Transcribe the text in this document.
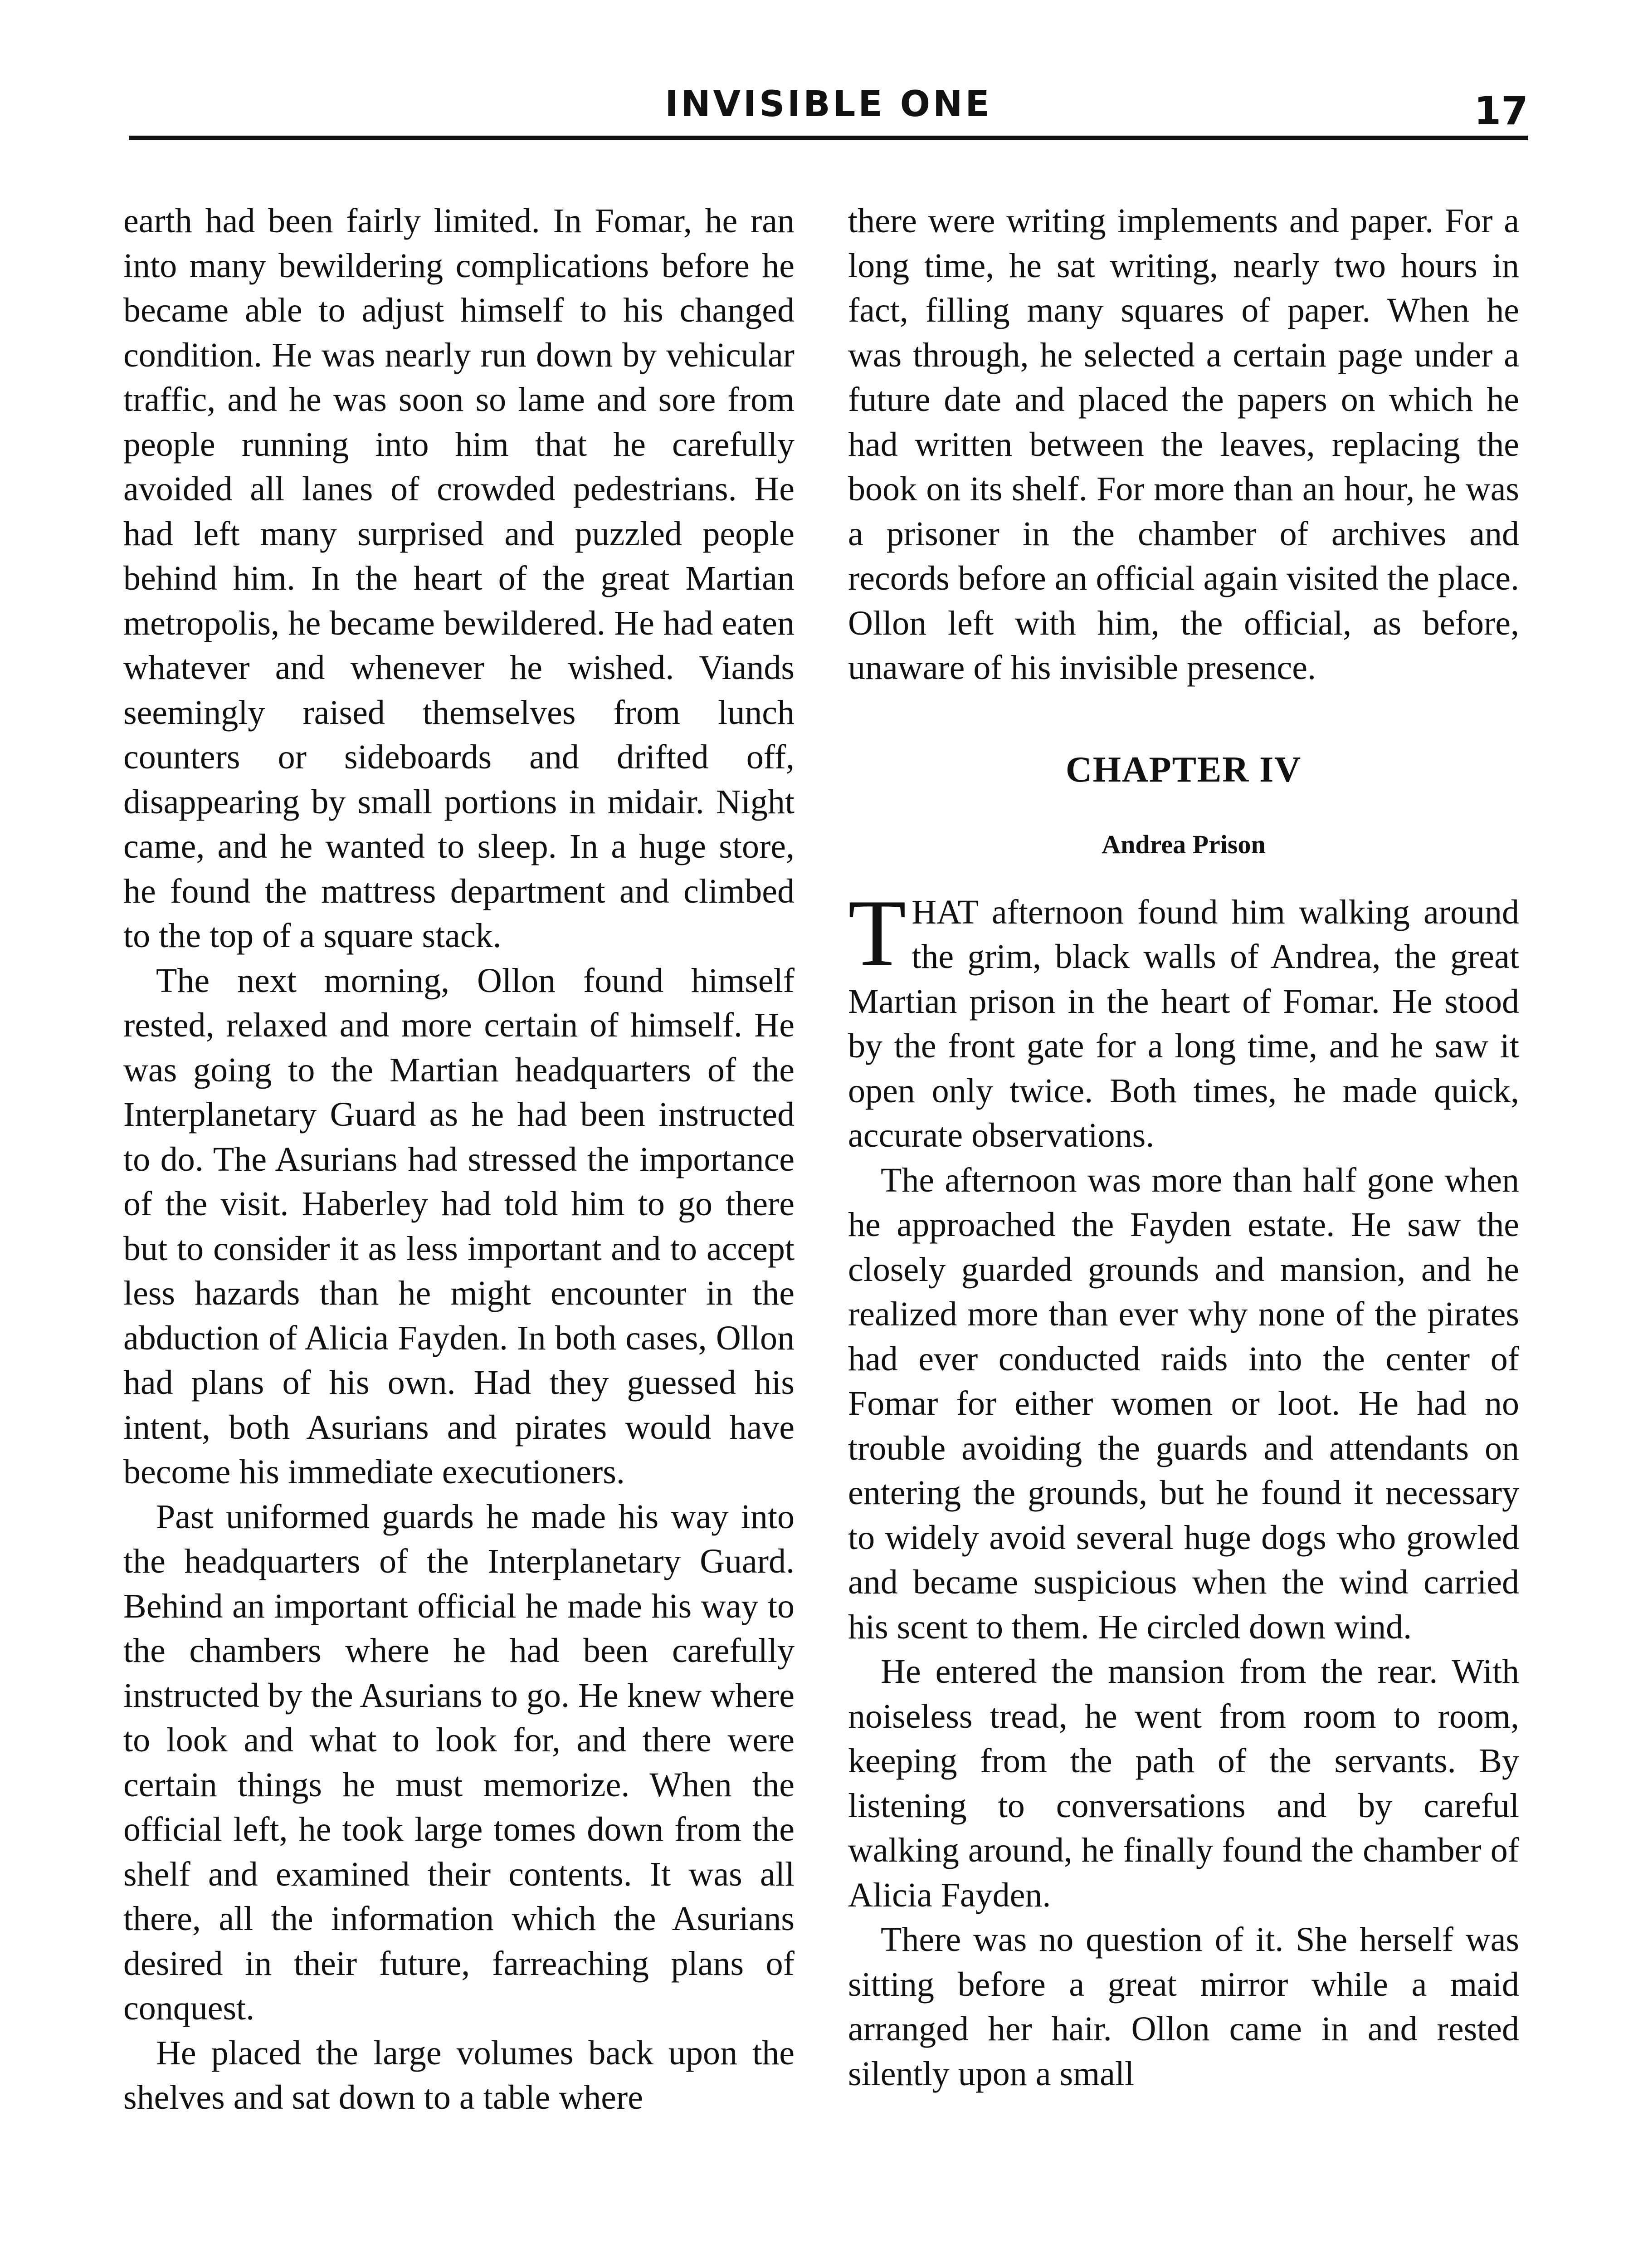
INVISIBLE ONE	17

earth had been fairly limited. In Fomar, he ran into many bewildering complications before he became able to adjust himself to his changed condition. He was nearly run down by vehicular traffic, and he was soon so lame and sore from people running into him that he carefully avoided all lanes of crowded pedestrians. He had left many surprised and puzzled people behind him. In the heart of the great Martian metropolis, he became bewildered. He had eaten whatever and whenever he wished. Viands seemingly raised themselves from lunch counters or sideboards and drifted off, disappearing by small portions in midair. Night came, and he wanted to sleep. In a huge store, he found the mattress department and climbed to the top of a square stack.

The next morning, Ollon found himself rested, relaxed and more certain of himself. He was going to the Martian headquarters of the Interplanetary Guard as he had been instructed to do. The Asurians had stressed the importance of the visit. Haberley had told him to go there but to consider it as less important and to accept less hazards than he might encounter in the abduction of Alicia Fayden. In both cases, Ollon had plans of his own. Had they guessed his intent, both Asurians and pirates would have become his immediate executioners.

Past uniformed guards he made his way into the headquarters of the Interplanetary Guard. Behind an important official he made his way to the chambers where he had been carefully instructed by the Asurians to go. He knew where to look and what to look for, and there were certain things he must memorize. When the official left, he took large tomes down from the shelf and examined their contents. It was all there, all the information which the Asurians desired in their future, farreaching plans of conquest.

He placed the large volumes back upon the shelves and sat down to a table where

there were writing implements and paper. For a long time, he sat writing, nearly two hours in fact, filling many squares of paper. When he was through, he selected a certain page under a future date and placed the papers on which he had written between the leaves, replacing the book on its shelf. For more than an hour, he was a prisoner in the chamber of archives and records before an official again visited the place. Ollon left with him, the official, as before, unaware of his invisible presence.

CHAPTER IV
Andrea Prison

THAT afternoon found him walking around the grim, black walls of Andrea, the great Martian prison in the heart of Fomar. He stood by the front gate for a long time, and he saw it open only twice. Both times, he made quick, accurate observations.

The afternoon was more than half gone when he approached the Fayden estate. He saw the closely guarded grounds and mansion, and he realized more than ever why none of the pirates had ever conducted raids into the center of Fomar for either women or loot. He had no trouble avoiding the guards and attendants on entering the grounds, but he found it necessary to widely avoid several huge dogs who growled and became suspicious when the wind carried his scent to them. He circled down wind.

He entered the mansion from the rear. With noiseless tread, he went from room to room, keeping from the path of the servants. By listening to conversations and by careful walking around, he finally found the chamber of Alicia Fayden.

There was no question of it. She herself was sitting before a great mirror while a maid arranged her hair. Ollon came in and rested silently upon a small
